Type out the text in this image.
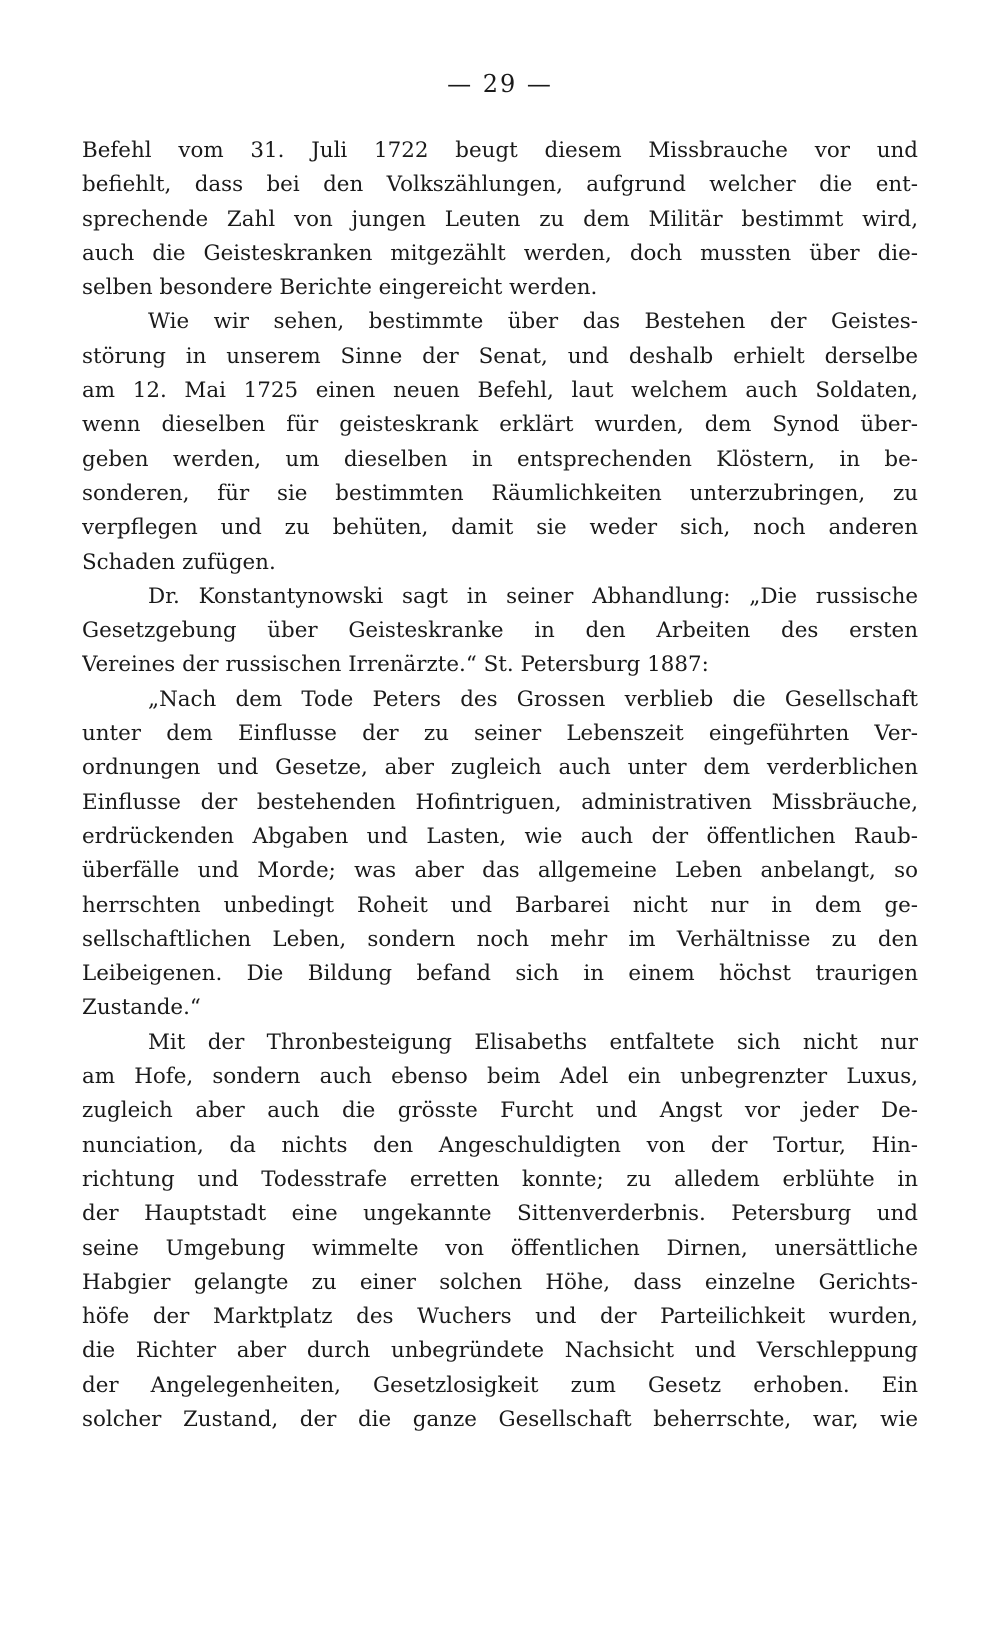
— 29 —
Befehl vom 31. Juli 1722 beugt diesem Missbrauche vor und
befiehlt, dass bei den Volkszählungen, aufgrund welcher die ent-
sprechende Zahl von jungen Leuten zu dem Militär bestimmt wird,
auch die Geisteskranken mitgezählt werden, doch mussten über die-
selben besondere Berichte eingereicht werden.
Wie wir sehen, bestimmte über das Bestehen der Geistes-
störung in unserem Sinne der Senat, und deshalb erhielt derselbe
am 12. Mai 1725 einen neuen Befehl, laut welchem auch Soldaten,
wenn dieselben für geisteskrank erklärt wurden, dem Synod über-
geben werden, um dieselben in entsprechenden Klöstern, in be-
sonderen, für sie bestimmten Räumlichkeiten unterzubringen, zu
verpflegen und zu behüten, damit sie weder sich, noch anderen
Schaden zufügen.
Dr. Konstantynowski sagt in seiner Abhandlung: „Die russische
Gesetzgebung über Geisteskranke in den Arbeiten des ersten
Vereines der russischen Irrenärzte.“ St. Petersburg 1887:
„Nach dem Tode Peters des Grossen verblieb die Gesellschaft
unter dem Einflusse der zu seiner Lebenszeit eingeführten Ver-
ordnungen und Gesetze, aber zugleich auch unter dem verderblichen
Einflusse der bestehenden Hofintriguen, administrativen Missbräuche,
erdrückenden Abgaben und Lasten, wie auch der öffentlichen Raub-
überfälle und Morde; was aber das allgemeine Leben anbelangt, so
herrschten unbedingt Roheit und Barbarei nicht nur in dem ge-
sellschaftlichen Leben, sondern noch mehr im Verhältnisse zu den
Leibeigenen. Die Bildung befand sich in einem höchst traurigen
Zustande.“
Mit der Thronbesteigung Elisabeths entfaltete sich nicht nur
am Hofe, sondern auch ebenso beim Adel ein unbegrenzter Luxus,
zugleich aber auch die grösste Furcht und Angst vor jeder De-
nunciation, da nichts den Angeschuldigten von der Tortur, Hin-
richtung und Todesstrafe erretten konnte; zu alledem erblühte in
der Hauptstadt eine ungekannte Sittenverderbnis. Petersburg und
seine Umgebung wimmelte von öffentlichen Dirnen, unersättliche
Habgier gelangte zu einer solchen Höhe, dass einzelne Gerichts-
höfe der Marktplatz des Wuchers und der Parteilichkeit wurden,
die Richter aber durch unbegründete Nachsicht und Verschleppung
der Angelegenheiten, Gesetzlosigkeit zum Gesetz erhoben. Ein
solcher Zustand, der die ganze Gesellschaft beherrschte, war, wie
